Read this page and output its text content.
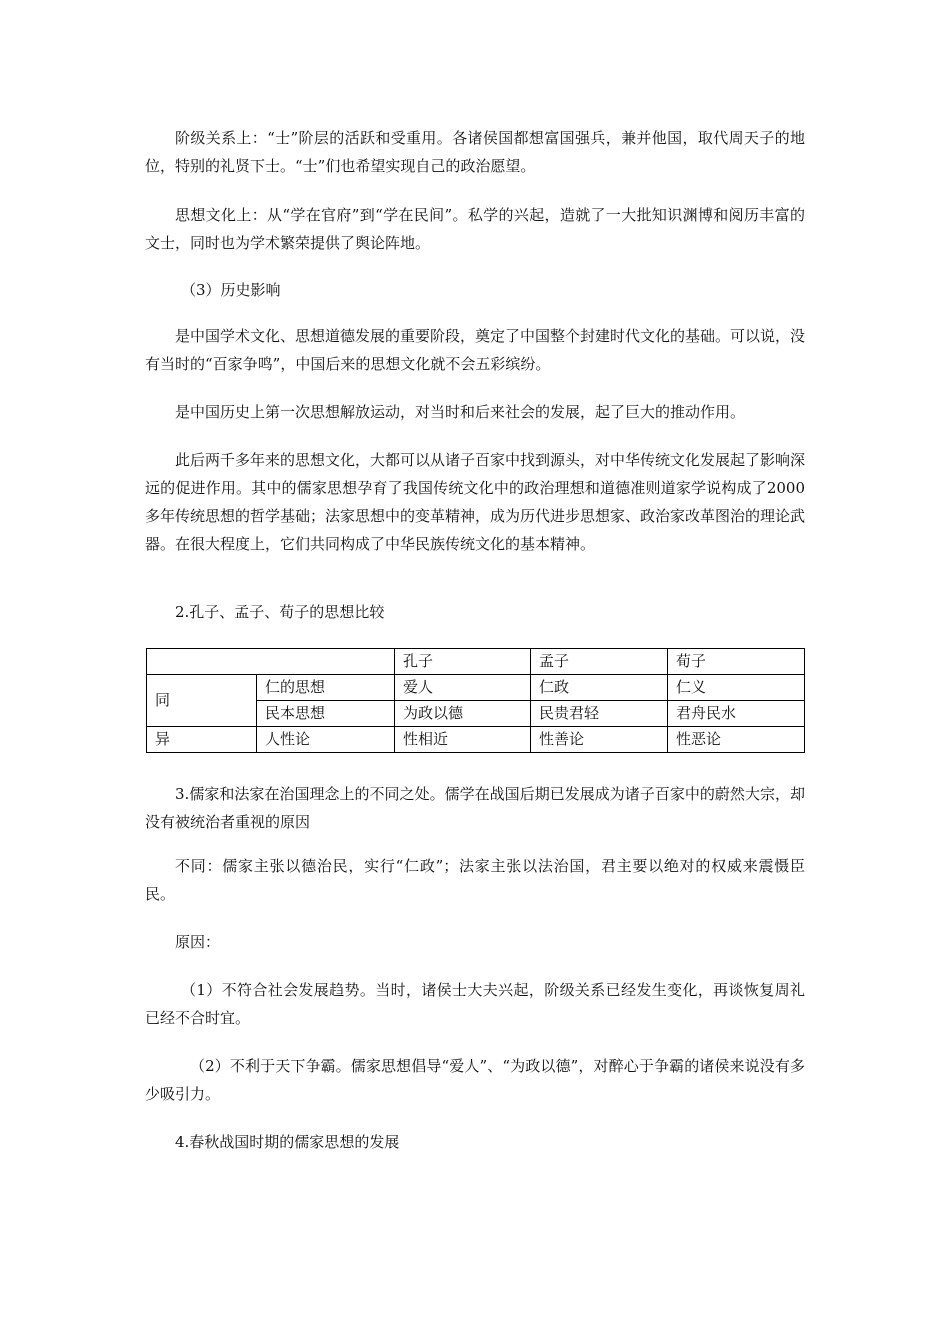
阶级关系上：“士”阶层的活跃和受重用。各诸侯国都想富国强兵，兼并他国，取代周天子的地位，特别的礼贤下士。“士”们也希望实现自己的政治愿望。

思想文化上：从“学在官府”到“学在民间”。私学的兴起，造就了一大批知识渊博和阅历丰富的文士，同时也为学术繁荣提供了舆论阵地。

（3）历史影响

是中国学术文化、思想道德发展的重要阶段，奠定了中国整个封建时代文化的基础。可以说，没有当时的“百家争鸣”，中国后来的思想文化就不会五彩缤纷。

是中国历史上第一次思想解放运动，对当时和后来社会的发展，起了巨大的推动作用。

此后两千多年来的思想文化，大都可以从诸子百家中找到源头，对中华传统文化发展起了影响深远的促进作用。其中的儒家思想孕育了我国传统文化中的政治理想和道德准则道家学说构成了2000多年传统思想的哲学基础；法家思想中的变革精神，成为历代进步思想家、政治家改革图治的理论武器。在很大程度上，它们共同构成了中华民族传统文化的基本精神。

2.孔子、孟子、荀子的思想比较

		孔子	孟子	荀子
同	仁的思想	爱人	仁政	仁义
	民本思想	为政以德	民贵君轻	君舟民水
异	人性论	性相近	性善论	性恶论

3.儒家和法家在治国理念上的不同之处。儒学在战国后期已发展成为诸子百家中的蔚然大宗，却没有被统治者重视的原因

不同：儒家主张以德治民，实行“仁政”；法家主张以法治国，君主要以绝对的权威来震慑臣民。

原因：

（1）不符合社会发展趋势。当时，诸侯士大夫兴起，阶级关系已经发生变化，再谈恢复周礼已经不合时宜。

（2）不利于天下争霸。儒家思想倡导“爱人”、“为政以德”，对醉心于争霸的诸侯来说没有多少吸引力。

4.春秋战国时期的儒家思想的发展
